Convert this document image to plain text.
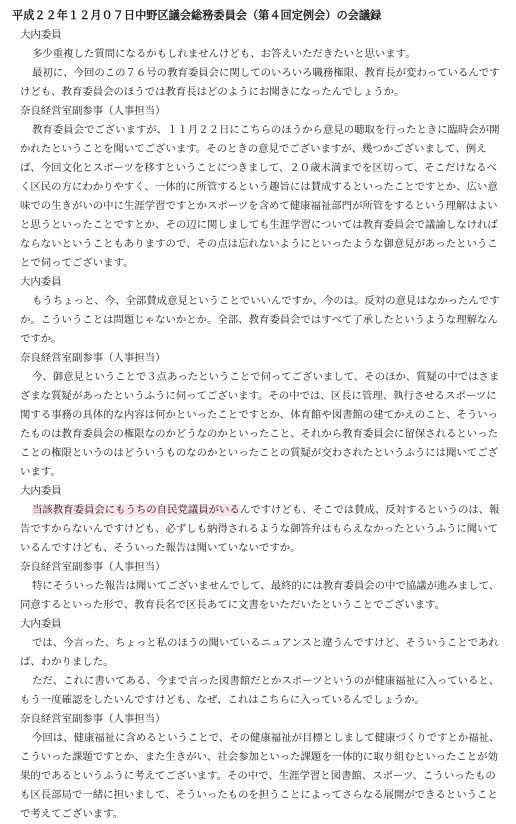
平成２２年１２月０７日中野区議会総務委員会（第４回定例会）の会議録

大内委員

多少重複した質問になるかもしれませんけども、お答えいただきたいと思います。

最初に、今回のこの７６号の教育委員会に関してのいろいろ職務権限、教育長が変わっているんですけども、教育委員会のほうでは教育長はどのようにお聞きになったんでしょうか。

奈良経営室副参事（人事担当）

教育委員会でございますが、１１月２２日にこちらのほうから意見の聴取を行ったときに臨時会が開かれたということを聞いてございます。そのときの意見でございますが、幾つかございまして、例えば、今回文化とスポーツを移すということにつきまして、２０歳未満までを区切って、そこだけなるべく区民の方にわかりやすく、一体的に所管するという趣旨には賛成するといったことですとか、広い意味での生きがいの中に生涯学習ですとかスポーツを含めて健康福祉部門が所管をするという理解はよいと思うといったことですとか、その辺に関しましても生涯学習については教育委員会で議論しなければならないということもありますので、その点は忘れないようにといったような御意見があったということで伺ってございます。

大内委員

もうちょっと、今、全部賛成意見ということでいいんですか、今のは。反対の意見はなかったんですか。こういうことは問題じゃないかとか。全部、教育委員会ではすべて了承したというような理解なんですか。

奈良経営室副参事（人事担当）

今、御意見ということで３点あったということで伺ってございまして、そのほか、質疑の中ではさまざまな質疑があったというふうに伺ってございます。その中では、区長に管理、執行させるスポーツに関する事務の具体的な内容は何かといったことですとか、体育館や図書館の建てかえのこと、そういったものは教育委員会の権限なのかどうなのかといったこと、それから教育委員会に留保されるといったことの権限というのはどういうものなのかといったことの質疑が交わされたというふうには聞いてございます。

大内委員

当該教育委員会にもうちの自民党議員がいるんですけども、そこでは賛成、反対するというのは、報告ですからないんですけども、必ずしも納得されるような御答弁はもらえなかったというふうに聞いているんですけども、そういった報告は聞いていないですか。

奈良経営室副参事（人事担当）

特にそういった報告は聞いてございませんでして、最終的には教育委員会の中で協議が進みまして、同意するといった形で、教育長名で区長あてに文書をいただいたということでございます。

大内委員

では、今言った、ちょっと私のほうの聞いているニュアンスと違うんですけど、そういうことであれば、わかりました。

ただ、これに書いてある、今まで言った図書館だとかスポーツというのが健康福祉に入っていると、もう一度確認をしたいんですけども、なぜ、これはこちらに入っているんでしょうか。

奈良経営室副参事（人事担当）

今回は、健康福祉に含めるということで、その健康福祉が目標としまして健康づくりですとか福祉、こういった課題ですとか、また生きがい、社会参加といった課題を一体的に取り組むといったことが効果的であるというふうに考えてございます。その中で、生涯学習と図書館、スポーツ、こういったものも区長部局で一緒に担いまして、そういったものを担うことによってさらなる展開ができるということで考えてございます。
